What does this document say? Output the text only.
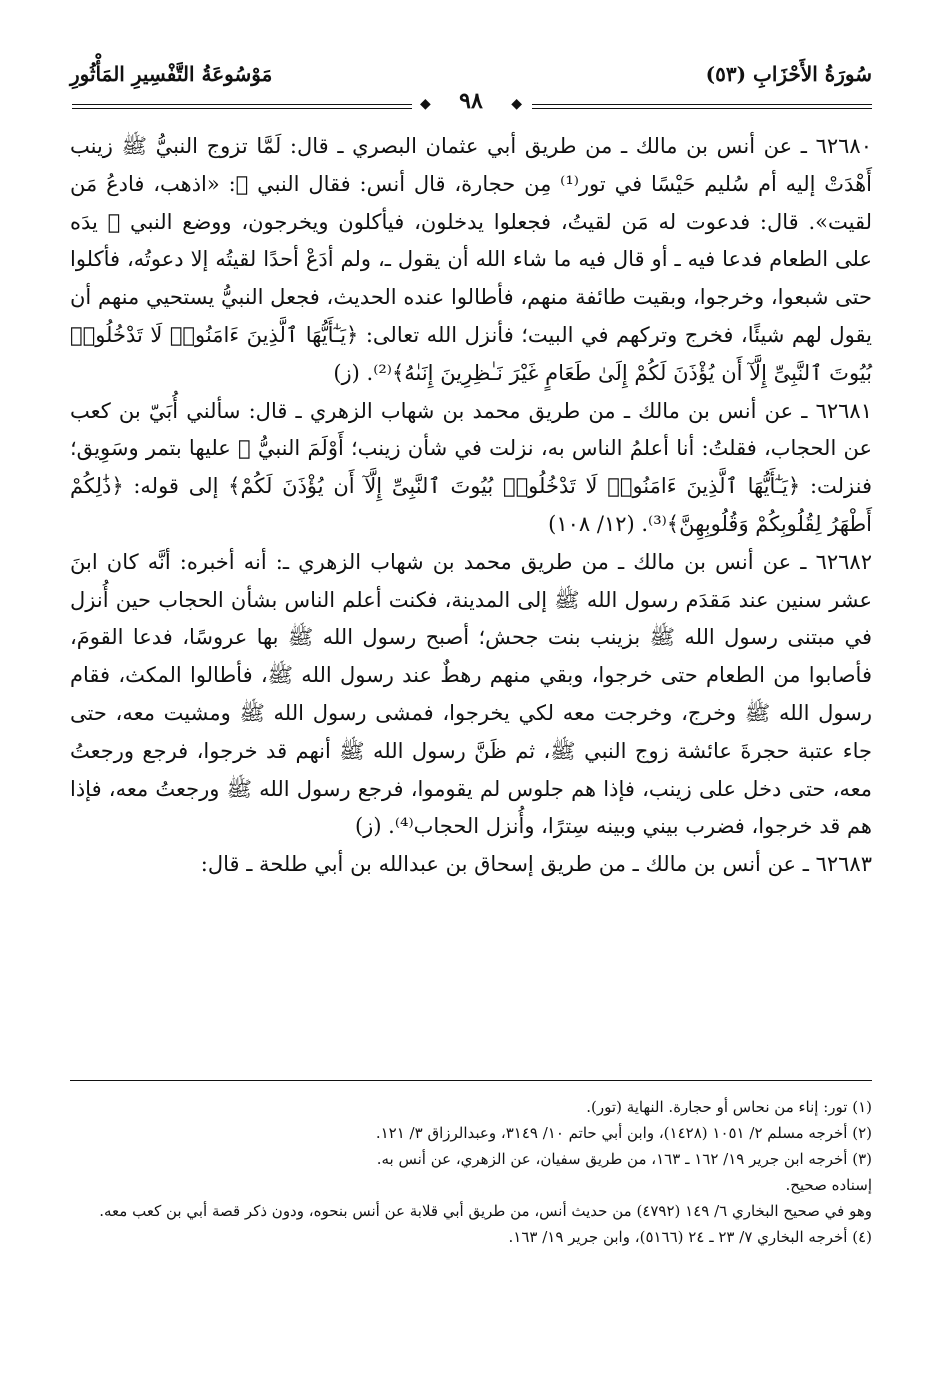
سُورَةُ الأَحْزَابِ (٥٣)
مَوْسُوعَةُ التَّفْسِيرِ المَأْثُورِ
◆
◆	٩٨

٦٢٦٨٠ ـ عن أنس بن مالك ـ من طريق أبي عثمان البصري ـ قال: لَمَّا تزوج النبيُّ ﷺ زينب أَهْدَتْ إليه أم سُليم حَيْسًا في تور⁽¹⁾ مِن حجارة، قال أنس: فقال النبي ﷺ: «اذهب، فادعُ مَن لقيت». قال: فدعوت له مَن لقيتُ، فجعلوا يدخلون، فيأكلون ويخرجون، ووضع النبي ﷺ يدَه على الطعام فدعا فيه ـ أو قال فيه ما شاء الله أن يقول ـ، ولم أدَعْ أحدًا لقيتُه إلا دعوتُه، فأكلوا حتى شبعوا، وخرجوا، وبقيت طائفة منهم، فأطالوا عنده الحديث، فجعل النبيُّ يستحيي منهم أن يقول لهم شيئًا، فخرج وتركهم في البيت؛ فأنزل الله تعالى: ﴿يَـٰٓأَيُّهَا ٱلَّذِينَ ءَامَنُوا۟ لَا تَدْخُلُوا۟ بُيُوتَ ٱلنَّبِىِّ إِلَّآ أَن يُؤْذَنَ لَكُمْ إِلَىٰ طَعَامٍ غَيْرَ نَـٰظِرِينَ إِنَىٰهُ﴾⁽²⁾. (ز)

٦٢٦٨١ ـ عن أنس بن مالك ـ من طريق محمد بن شهاب الزهري ـ قال: سألني أُبَيّ بن كعب عن الحجاب، فقلتُ: أنا أعلمُ الناس به، نزلت في شأن زينب؛ أَوْلَمَ النبيُّ ﷺ عليها بتمر وسَوِيق؛ فنزلت: ﴿يَـٰٓأَيُّهَا ٱلَّذِينَ ءَامَنُوا۟ لَا تَدْخُلُوا۟ بُيُوتَ ٱلنَّبِىِّ إِلَّآ أَن يُؤْذَنَ لَكُمْ﴾ إلى قوله: ﴿ذَٰلِكُمْ أَطْهَرُ لِقُلُوبِكُمْ وَقُلُوبِهِنَّ﴾⁽³⁾. (١٢/ ١٠٨)

٦٢٦٨٢ ـ عن أنس بن مالك ـ من طريق محمد بن شهاب الزهري ـ: أنه أخبره: أنَّه كان ابنَ عشر سنين عند مَقدَم رسول الله ﷺ إلى المدينة، فكنت أعلم الناس بشأن الحجاب حين أُنزل في مبتنى رسول الله ﷺ بزينب بنت جحش؛ أصبح رسول الله ﷺ بها عروسًا، فدعا القومَ، فأصابوا من الطعام حتى خرجوا، وبقي منهم رهطٌ عند رسول الله ﷺ، فأطالوا المكث، فقام رسول الله ﷺ وخرج، وخرجت معه لكي يخرجوا، فمشى رسول الله ﷺ ومشيت معه، حتى جاء عتبة حجرةَ عائشة زوج النبي ﷺ، ثم ظَنَّ رسول الله ﷺ أنهم قد خرجوا، فرجع ورجعتُ معه، حتى دخل على زينب، فإذا هم جلوس لم يقوموا، فرجع رسول الله ﷺ ورجعتُ معه، فإذا هم قد خرجوا، فضرب بيني وبينه سِترًا، وأُنزل الحجاب⁽⁴⁾. (ز)

٦٢٦٨٣ ـ عن أنس بن مالك ـ من طريق إسحاق بن عبدالله بن أبي طلحة ـ قال:

(١) تور: إناء من نحاس أو حجارة. النهاية (تور).

(٢) أخرجه مسلم ٢/ ١٠٥١ (١٤٢٨)، وابن أبي حاتم ١٠/ ٣١٤٩، وعبدالرزاق ٣/ ١٢١.

(٣) أخرجه ابن جرير ١٩/ ١٦٢ ـ ١٦٣، من طريق سفيان، عن الزهري، عن أنس به.

إسناده صحيح.

وهو في صحيح البخاري ٦/ ١٤٩ (٤٧٩٢) من حديث أنس، من طريق أبي قلابة عن أنس بنحوه، ودون ذكر قصة أبي بن كعب معه.

(٤) أخرجه البخاري ٧/ ٢٣ ـ ٢٤ (٥١٦٦)، وابن جرير ١٩/ ١٦٣.
